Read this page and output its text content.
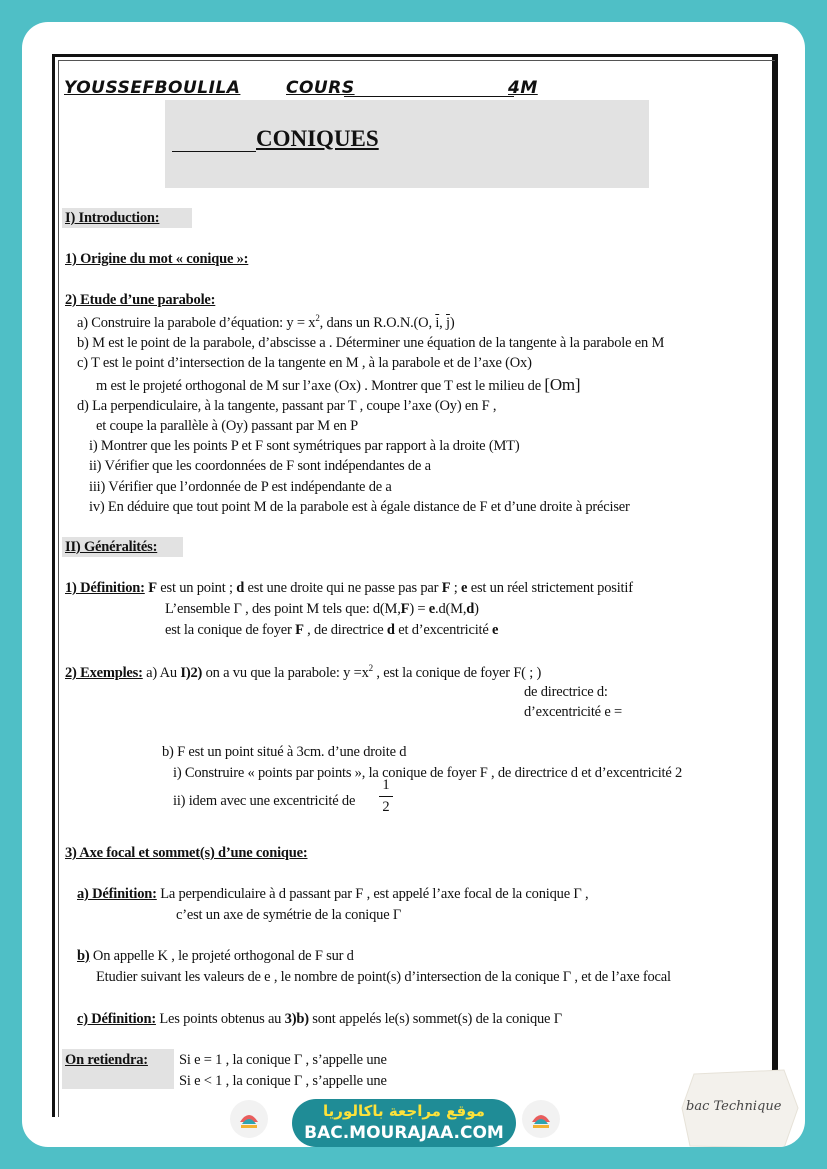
YOUSSEFBOULILA	COURS	4M
CONIQUES
I) Introduction:
1) Origine du mot « conique »:
2) Etude d’une parabole:
a) Construire la parabole d’équation: $y = x^2$, dans un R.O.N.(O, $\overline{i}$, $\overline{j}$)
b) M est le point de la parabole, d’abscisse a . Déterminer une équation de la tangente à la parabole en M
c) T est le point d’intersection de la tangente en M , à la parabole et de l’axe (Ox)
m est le projeté orthogonal de M sur l’axe (Ox) . Montrer que T est le milieu de [Om]
d) La perpendiculaire, à la tangente, passant par T , coupe l’axe (Oy) en F ,
et coupe la parallèle à (Oy) passant par M en P
i) Montrer que les points P et F sont symétriques par rapport à la droite (MT)
ii) Vérifier que les coordonnées de F sont indépendantes de a
iii) Vérifier que l’ordonnée de P est indépendante de a
iv) En déduire que tout point M de la parabole est à égale distance de F et d’une droite à préciser
II) Généralités:
1) Définition: F est un point ; d est une droite qui ne passe pas par F ; e est un réel strictement positif
L’ensemble Γ , des point M tels que: d(M,F) = e.d(M,d)
est la conique de foyer F , de directrice d et d’excentricité e
2) Exemples: a) Au I)2) on a vu que la parabole: $y =x^2$ , est la conique de foyer F( ; )
de directrice d:
d’excentricité e =
b) F est un point situé à 3cm. d’une droite d
i) Construire « points par points », la conique de foyer F , de directrice d et d’excentricité 2
ii) idem avec une excentricité de
1
2
3) Axe focal et sommet(s) d’une conique:
a) Définition: La perpendiculaire à d passant par F , est appelé l’axe focal de la conique Γ ,
c’est un axe de symétrie de la conique Γ
b) On appelle K , le projeté orthogonal de F sur d
Etudier suivant les valeurs de e , le nombre de point(s) d’intersection de la conique Γ , et de l’axe focal
c) Définition: Les points obtenus au 3)b) sont appelés le(s) sommet(s) de la conique Γ
On retiendra: Si e = 1 , la conique Γ , s’appelle une
Si e < 1 , la conique Γ , s’appelle une
موقع مراجعة باكالوريا
BAC.MOURAJAA.COM
bac Technique
